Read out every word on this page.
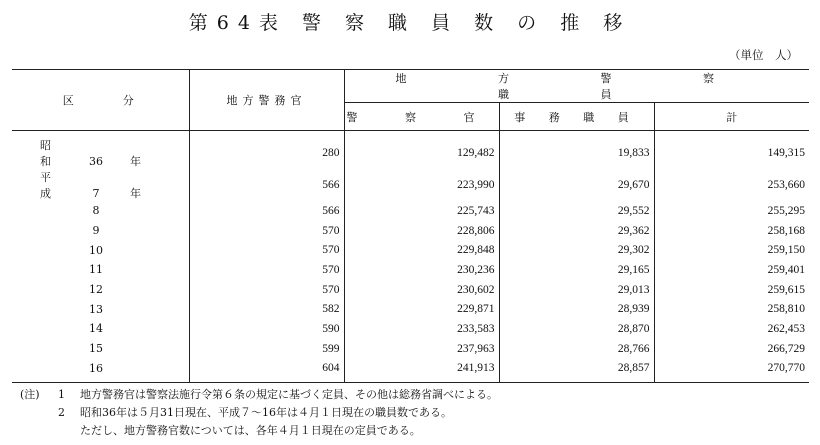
第64表 警 察 職 員 数 の 推 移
（単位　人）
区　　　分	地方警務官	地 方 警 察 職 員		
		警 察 官	事 務 職 員	計
昭和 36 年	280	129,482	19,833	149,315
平成 7 年	566	223,990	29,670	253,660
8	566	225,743	29,552	255,295
9	570	228,806	29,362	258,168
10	570	229,848	29,302	259,150
11	570	230,236	29,165	259,401
12	570	230,602	29,013	259,615
13	582	229,871	28,939	258,810
14	590	233,583	28,870	262,453
15	599	237,963	28,766	266,729
16	604	241,913	28,857	270,770
(注)	1	地方警務官は警察法施行令第６条の規定に基づく定員、その他は総務省調べによる。
2	昭和36年は５月31日現在、平成７～16年は４月１日現在の職員数である。
ただし、地方警務官数については、各年４月１日現在の定員である。
